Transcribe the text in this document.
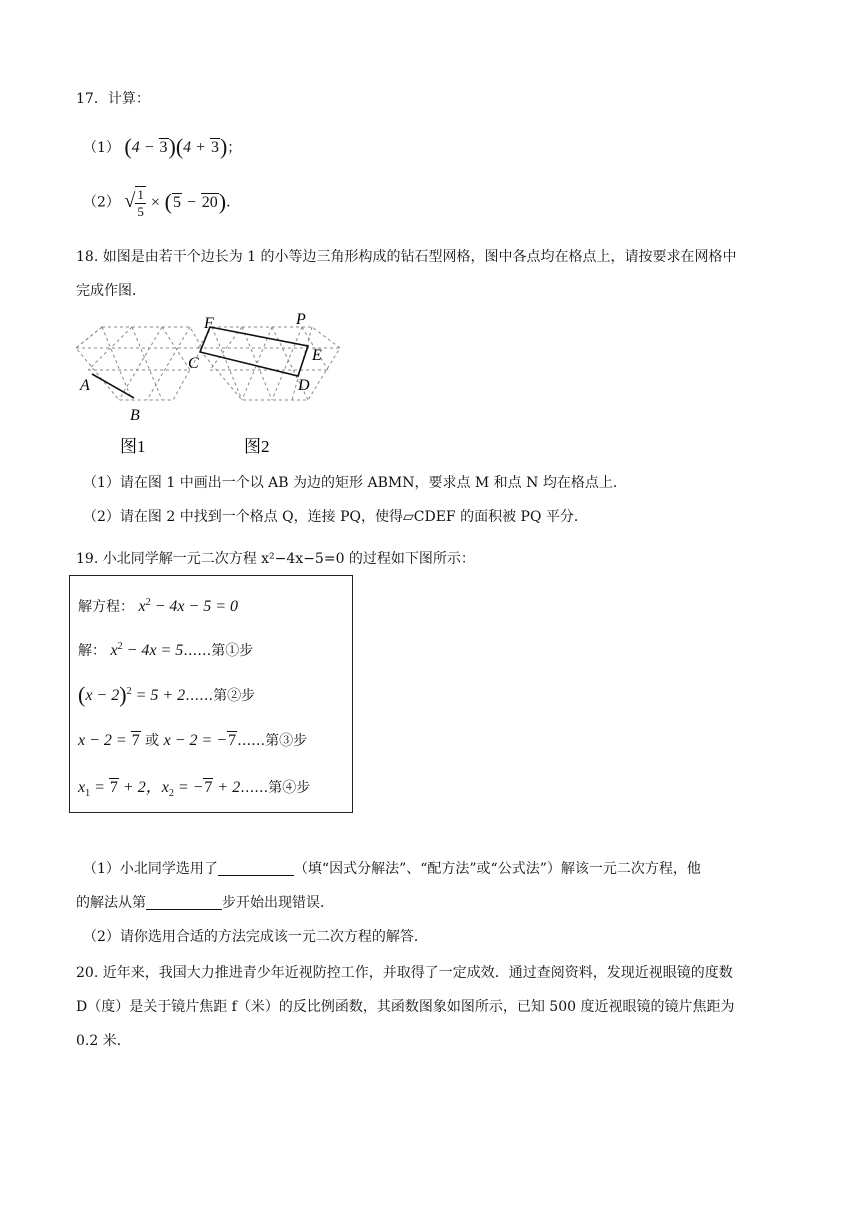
17．计算：
（1） (4 − 3)(4 + 3)；
（2） √ $\frac{1}{5} \times (5 - 20)$．
18. 如图是由若干个边长为 1 的小等边三角形构成的钻石型网格，图中各点均在格点上，请按要求在网格中
完成作图．
A
B
F	P
C	E
D
图1	图2
（1）请在图 1 中画出一个以 AB 为边的矩形 ABMN，要求点 M 和点 N 均在格点上．
（2）请在图 2 中找到一个格点 Q，连接 PQ，使得▱CDEF 的面积被 PQ 平分．
19. 小北同学解一元二次方程 x²−4x−5=0 的过程如下图所示：
解方程： $x^2 - 4x - 5 = 0$
解： $x^2 - 4x$ = 5……第①步
$(x - 2)^2 = 5$ + 2……第②步
x − 2 = 7 或 x − 2 = −7……第③步
$x_1 = 7 + 2$，$x_2 = -7$ + 2……第④步
（1）小北同学选用了	（填“因式分解法”、“配方法”或“公式法”）解该一元二次方程，他
的解法从第	步开始出现错误．
（2）请你选用合适的方法完成该一元二次方程的解答．
20. 近年来，我国大力推进青少年近视防控工作，并取得了一定成效．通过查阅资料，发现近视眼镜的度数
D（度）是关于镜片焦距 f（米）的反比例函数，其函数图象如图所示，已知 500 度近视眼镜的镜片焦距为
0.2 米．
